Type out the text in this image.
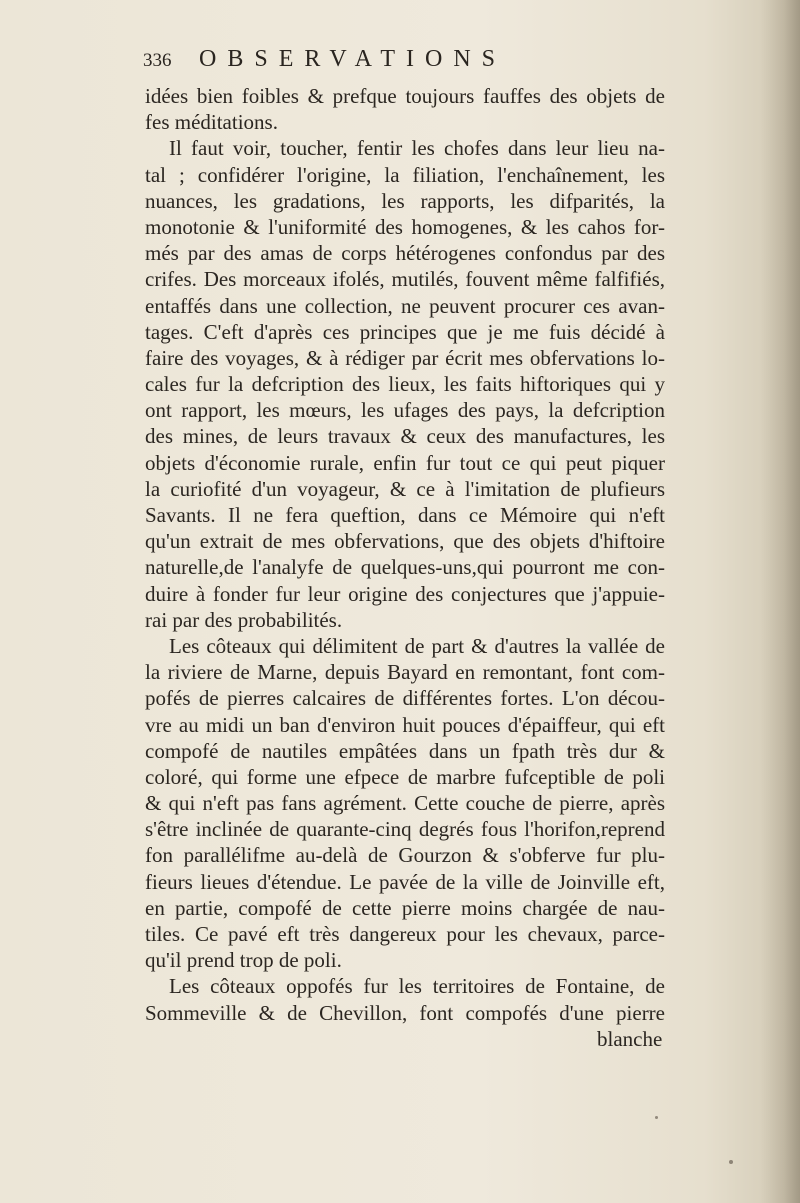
336 OBSERVATIONS
idées bien foibles & prefque toujours fauffes des objets de
fes méditations.
Il faut voir, toucher, fentir les chofes dans leur lieu na-
tal ; confidérer l'origine, la filiation, l'enchaînement, les
nuances, les gradations, les rapports, les difparités, la
monotonie & l'uniformité des homogenes, & les cahos for-
més par des amas de corps hétérogenes confondus par des
crifes. Des morceaux ifolés, mutilés, fouvent même falfifiés,
entaffés dans une collection, ne peuvent procurer ces avan-
tages. C'eft d'après ces principes que je me fuis décidé à
faire des voyages, & à rédiger par écrit mes obfervations lo-
cales fur la defcription des lieux, les faits hiftoriques qui y
ont rapport, les mœurs, les ufages des pays, la defcription
des mines, de leurs travaux & ceux des manufactures, les
objets d'économie rurale, enfin fur tout ce qui peut piquer
la curiofité d'un voyageur, & ce à l'imitation de plufieurs
Savants. Il ne fera queftion, dans ce Mémoire qui n'eft
qu'un extrait de mes obfervations, que des objets d'hiftoire
naturelle,de l'analyfe de quelques-uns,qui pourront me con-
duire à fonder fur leur origine des conjectures que j'appuie-
rai par des probabilités.
Les côteaux qui délimitent de part & d'autres la vallée de
la riviere de Marne, depuis Bayard en remontant, font com-
pofés de pierres calcaires de différentes fortes. L'on décou-
vre au midi un ban d'environ huit pouces d'épaiffeur, qui eft
compofé de nautiles empâtées dans un fpath très dur &
coloré, qui forme une efpece de marbre fufceptible de poli
& qui n'eft pas fans agrément. Cette couche de pierre, après
s'être inclinée de quarante-cinq degrés fous l'horifon,reprend
fon parallélifme au-delà de Gourzon & s'obferve fur plu-
fieurs lieues d'étendue. Le pavée de la ville de Joinville eft,
en partie, compofé de cette pierre moins chargée de nau-
tiles. Ce pavé eft très dangereux pour les chevaux, parce-
qu'il prend trop de poli.
Les côteaux oppofés fur les territoires de Fontaine, de
Sommeville & de Chevillon, font compofés d'une pierre
blanche
